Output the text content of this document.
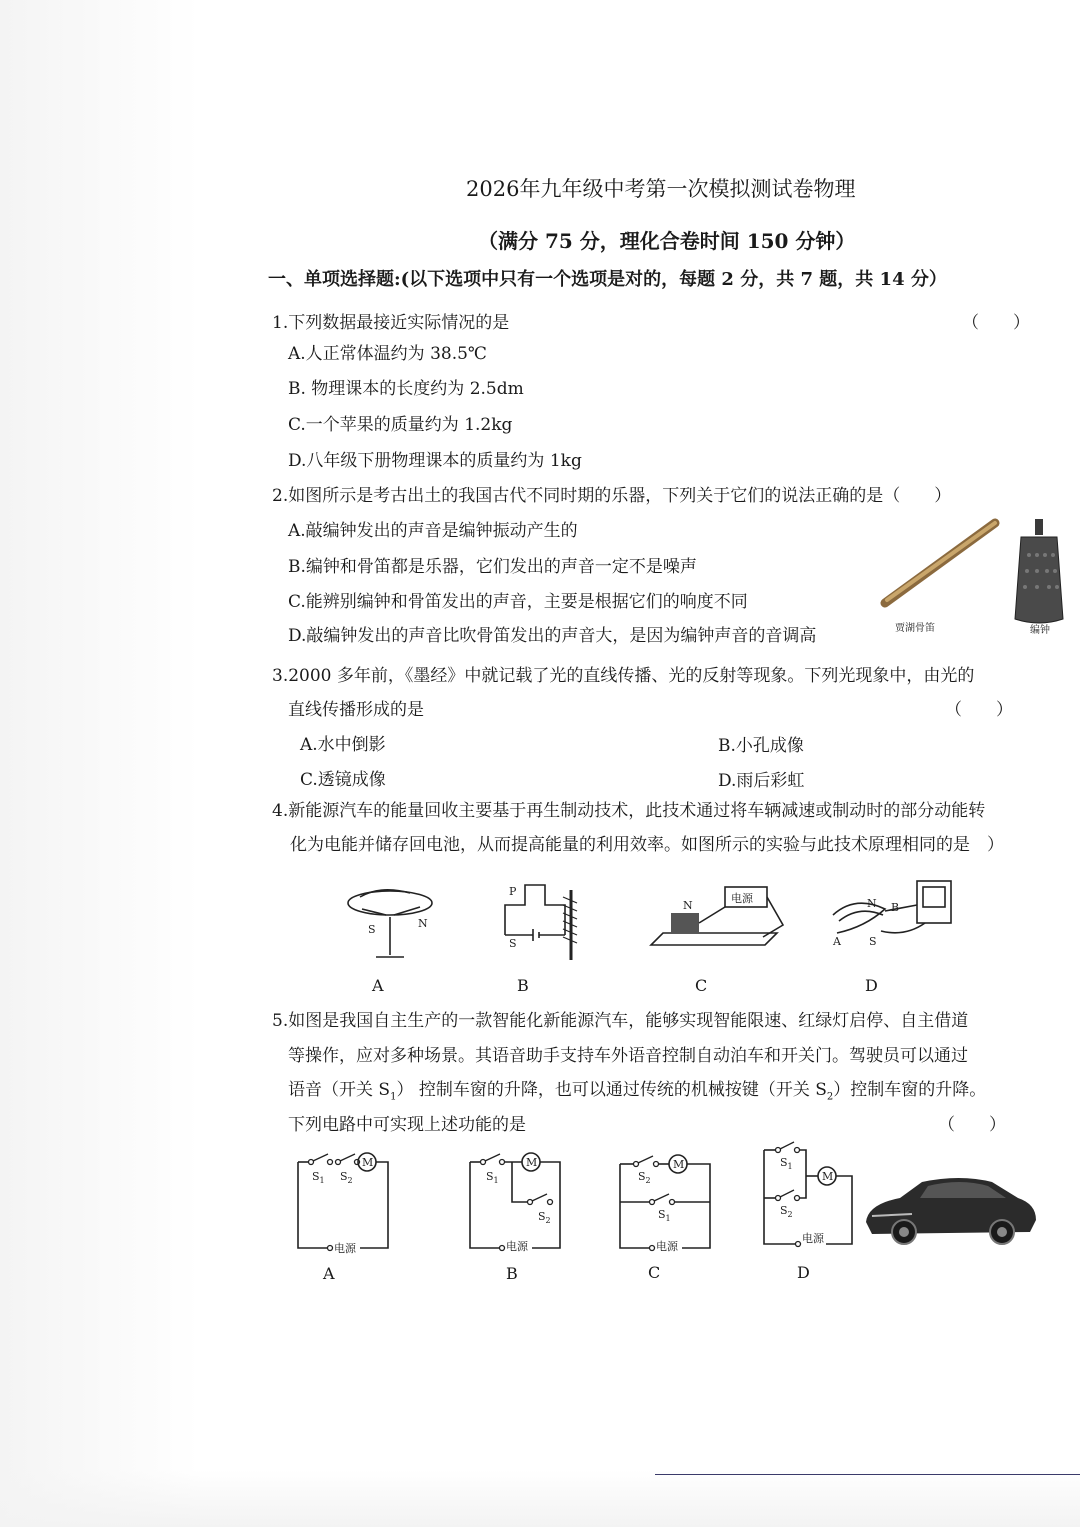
2026年九年级中考第一次模拟测试卷物理
（满分 75 分，理化合卷时间 150 分钟）
一、单项选择题:(以下选项中只有一个选项是对的，每题 2 分，共 7 题，共 14 分）
1.下列数据最接近实际情况的是	（　　）
A.人正常体温约为 38.5℃
B. 物理课本的长度约为 2.5dm
C.一个苹果的质量约为 1.2kg
D.八年级下册物理课本的质量约为 1kg
2.如图所示是考古出土的我国古代不同时期的乐器，下列关于它们的说法正确的是（　　）
A.敲编钟发出的声音是编钟振动产生的
B.编钟和骨笛都是乐器，它们发出的声音一定不是噪声
C.能辨别编钟和骨笛发出的声音，主要是根据它们的响度不同
D.敲编钟发出的声音比吹骨笛发出的声音大，是因为编钟声音的音调高	贾湖骨笛	编钟
3.2000 多年前，《墨经》中就记载了光的直线传播、光的反射等现象。下列光现象中，由光的
直线传播形成的是	（　　）
A.水中倒影	B.小孔成像
C.透镜成像	D.雨后彩虹
4.新能源汽车的能量回收主要基于再生制动技术，此技术通过将车辆减速或制动时的部分动能转
化为电能并储存回电池，从而提高能量的利用效率。如图所示的实验与此技术原理相同的是　）
S	N
P
S
电源
N	N B
A	S
A	B	C	D
5.如图是我国自主生产的一款智能化新能源汽车，能够实现智能限速、红绿灯启停、自主借道
等操作，应对多种场景。其语音助手支持车外语音控制自动泊车和开关门。驾驶员可以通过
语音（开关 $S_1$） 控制车窗的升降，也可以通过传统的机械按键（开关 $S_2$）控制车窗的升降。
下列电路中可实现上述功能的是	（　　）
M
$S_1$ $S_2$
电源
M
$S_1$
$S_2$
电源
M
$S_2$
$S_1$
电源
M
$S_1$
$S_2$
电源
A	B	C	D
